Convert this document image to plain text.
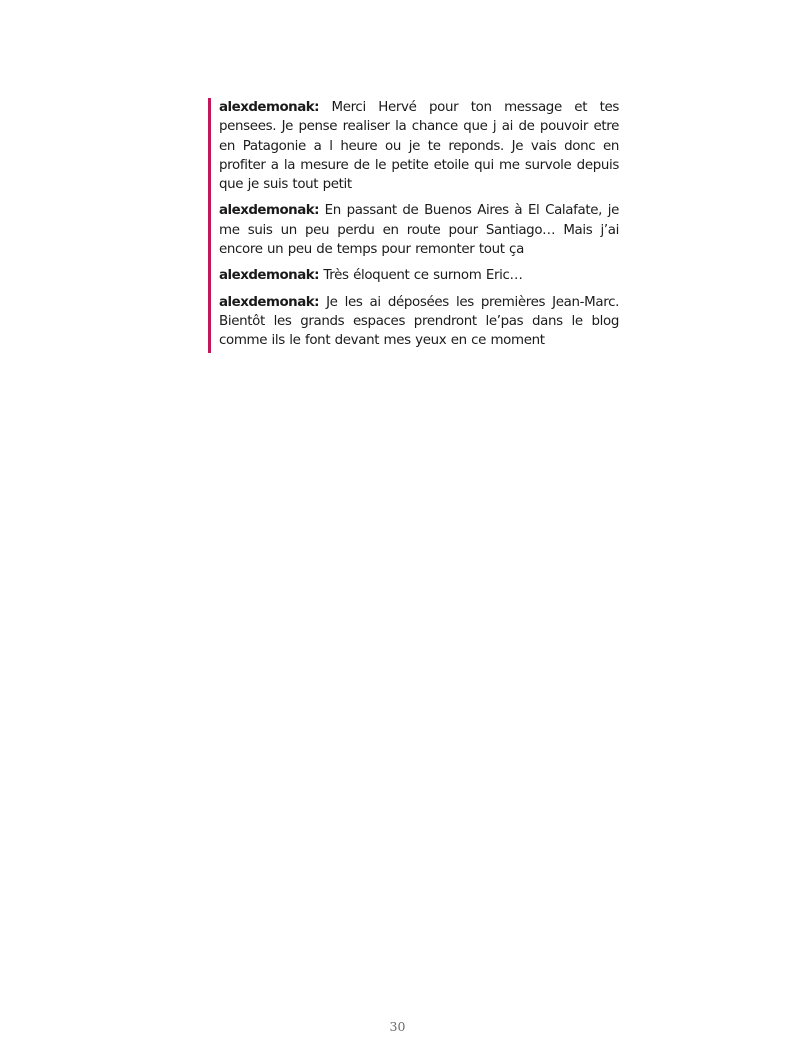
alexdemonak: Merci Hervé pour ton message et tes pensees. Je pense realiser la chance que j ai de pouvoir etre en Patagonie a l heure ou je te reponds. Je vais donc en profiter a la mesure de le petite etoile qui me survole depuis que je suis tout petit

alexdemonak: En passant de Buenos Aires à El Calafate, je me suis un peu perdu en route pour Santiago… Mais j’ai encore un peu de temps pour remonter tout ça

alexdemonak: Très éloquent ce surnom Eric…

alexdemonak: Je les ai déposées les premières Jean-Marc. Bientôt les grands espaces prendront le’pas dans le blog comme ils le font devant mes yeux en ce moment

30
